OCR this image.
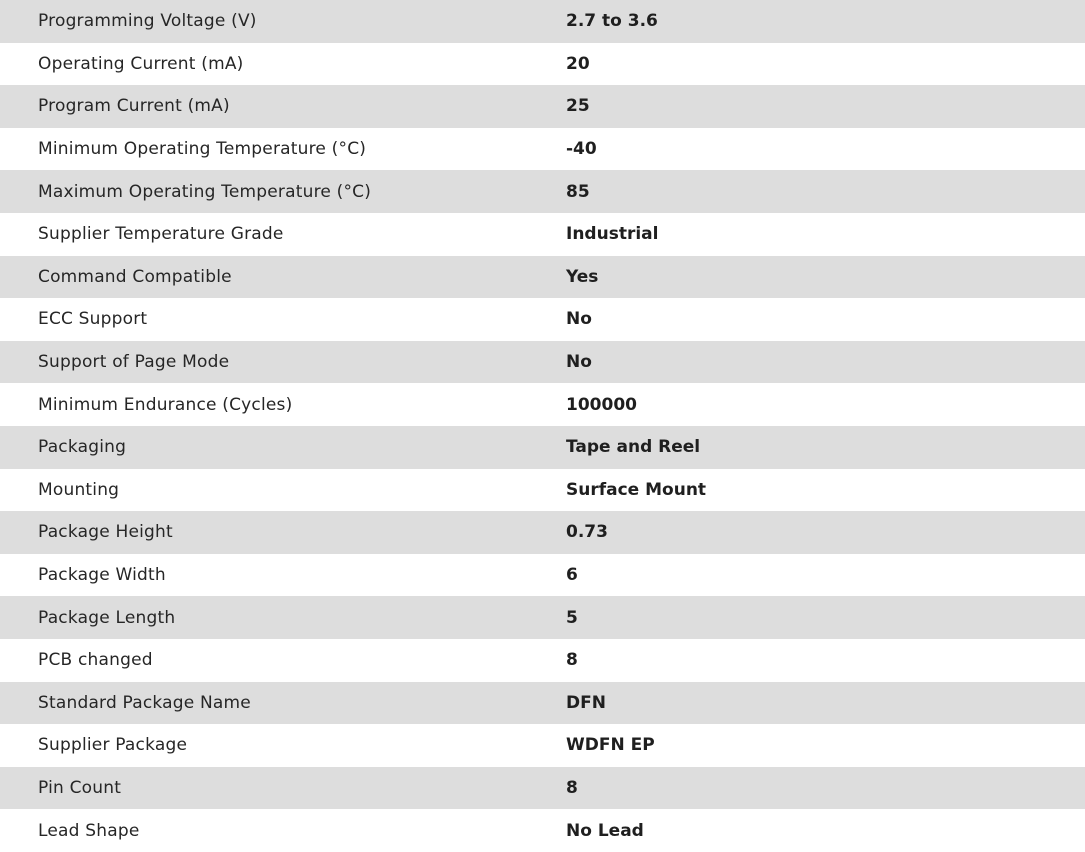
Programming Voltage (V)	2.7 to 3.6
Operating Current (mA)	20
Program Current (mA)	25
Minimum Operating Temperature (°C)	-40
Maximum Operating Temperature (°C)	85
Supplier Temperature Grade	Industrial
Command Compatible	Yes
ECC Support	No
Support of Page Mode	No
Minimum Endurance (Cycles)	100000
Packaging	Tape and Reel
Mounting	Surface Mount
Package Height	0.73
Package Width	6
Package Length	5
PCB changed	8
Standard Package Name	DFN
Supplier Package	WDFN EP
Pin Count	8
Lead Shape	No Lead
